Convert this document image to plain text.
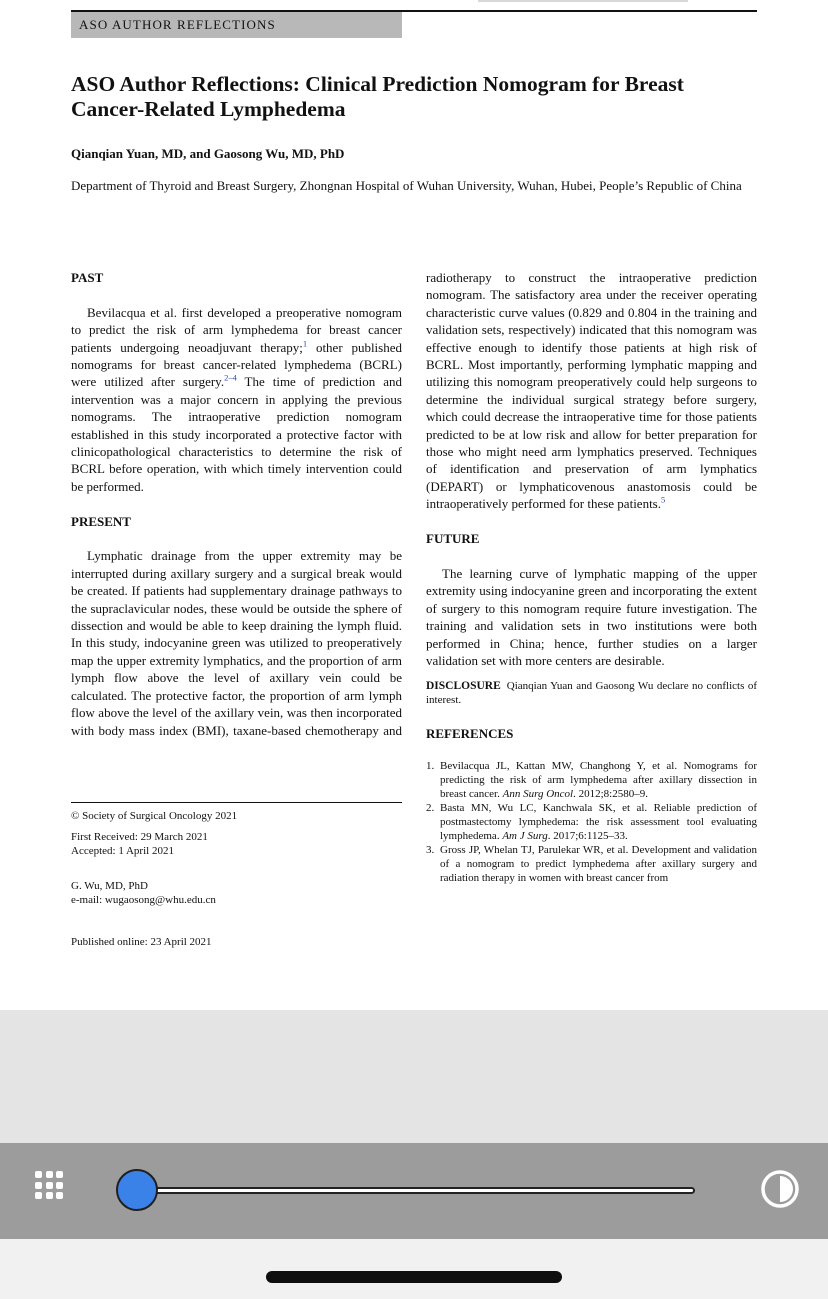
ASO AUTHOR REFLECTIONS
ASO Author Reflections: Clinical Prediction Nomogram for Breast Cancer-Related Lymphedema
Qianqian Yuan, MD, and Gaosong Wu, MD, PhD
Department of Thyroid and Breast Surgery, Zhongnan Hospital of Wuhan University, Wuhan, Hubei, People’s Republic of China
PAST

Bevilacqua et al. first developed a preoperative nomogram to predict the risk of arm lymphedema for breast cancer patients undergoing neoadjuvant therapy;$^1$ other published nomograms for breast cancer-related lymphedema (BCRL) were utilized after surgery.$^{2-4}$ The time of prediction and intervention was a major concern in applying the previous nomograms. The intraoperative prediction nomogram established in this study incorporated a protective factor with clinicopathological characteristics to determine the risk of BCRL before operation, with which timely intervention could be performed.

PRESENT

Lymphatic drainage from the upper extremity may be interrupted during axillary surgery and a surgical break would be created. If patients had supplementary drainage pathways to the supraclavicular nodes, these would be outside the sphere of dissection and would be able to keep draining the lymph fluid. In this study, indocyanine green was utilized to preoperatively map the upper extremity lymphatics, and the proportion of arm lymph flow above the level of axillary vein could be calculated. The protective factor, the proportion of arm lymph flow above the level of the axillary vein, was then incorporated with body mass index (BMI), taxane-based chemotherapy and

radiotherapy to construct the intraoperative prediction nomogram. The satisfactory area under the receiver operating characteristic curve values (0.829 and 0.804 in the training and validation sets, respectively) indicated that this nomogram was effective enough to identify those patients at high risk of BCRL. Most importantly, performing lymphatic mapping and utilizing this nomogram preoperatively could help surgeons to determine the individual surgical strategy before surgery, which could decrease the intraoperative time for those patients predicted to be at low risk and allow for better preparation for those who might need arm lymphatics preserved. Techniques of identification and preservation of arm lymphatics (DEPART) or lymphaticovenous anastomosis could be intraoperatively performed for these patients.$^5$

FUTURE

The learning curve of lymphatic mapping of the upper extremity using indocyanine green and incorporating the extent of surgery to this nomogram require future investigation. The training and validation sets in two institutions were both performed in China; hence, further studies on a larger validation set with more centers are desirable.

DISCLOSURE Qianqian Yuan and Gaosong Wu declare no conflicts of interest.

REFERENCES
1. Bevilacqua JL, Kattan MW, Changhong Y, et al. Nomograms for predicting the risk of arm lymphedema after axillary dissection in breast cancer. Ann Surg Oncol. 2012;8:2580–9.
2. Basta MN, Wu LC, Kanchwala SK, et al. Reliable prediction of postmastectomy lymphedema: the risk assessment tool evaluating lymphedema. Am J Surg. 2017;6:1125–33.
3. Gross JP, Whelan TJ, Parulekar WR, et al. Development and validation of a nomogram to predict lymphedema after axillary surgery and radiation therapy in women with breast cancer from
© Society of Surgical Oncology 2021
First Received: 29 March 2021
Accepted: 1 April 2021
G. Wu, MD, PhD
e-mail: wugaosong@whu.edu.cn
Published online: 23 April 2021
